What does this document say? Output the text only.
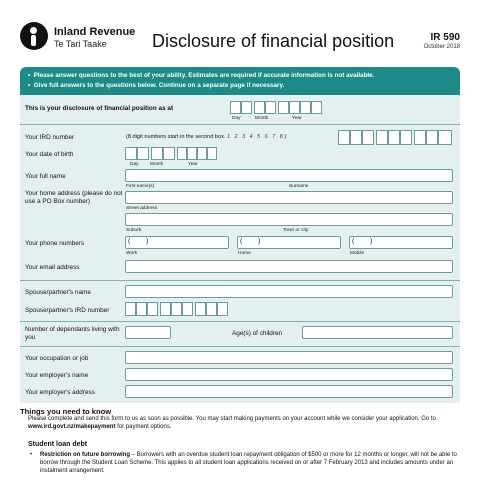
Inland Revenue
Te Tari Taake	Disclosure of financial position	IR 590
October 2018
•  Please answer questions to the best of your ability. Estimates are required if accurate information is not available.
•  Give full answers to the questions below. Continue on a separate page if necessary.
This is your disclosure of financial position as at
Day	Month	Year
Your IRD number	(8 digit numbers start in the second box. 1 2 3 4 5 6 7 8)
Your date of birth
Day Month	Year
Your full name
First name(s)	Surname
Your home address (please do not use a PO Box number)
Street address
Suburb	Town or city
Your phone numbers	( )	( )	( )
Work	Home	Mobile
Your email address
Spouse/partner's name
Spouse/partner's IRD number
Number of dependants living with you
Age(s) of children
Your occupation or job
Your employer's name
Your employer's address
Things you need to know
Please complete and send this form to us as soon as possible. You may start making payments on your account while we consider your application. Go to www.ird.govt.nz/makepayment for payment options.
Student loan debt
• Restriction on future borrowing – Borrowers with an overdue student loan repayment obligation of $500 or more for 12 months or longer, will not be able to borrow through the Student Loan Scheme. This applies to all student loan applications received on or after 7 February 2013 and includes amounts under an instalment arrangement.
